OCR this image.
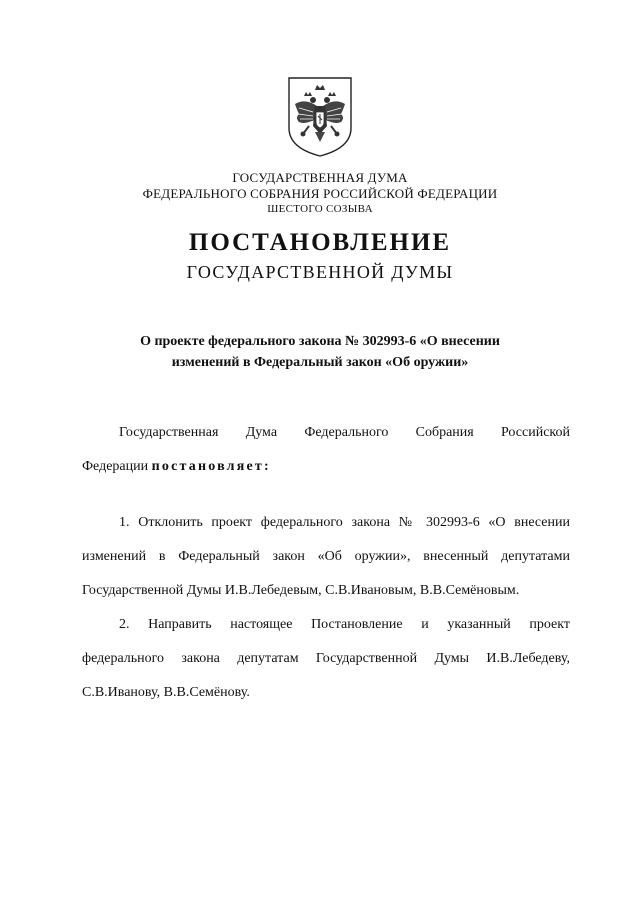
ГОСУДАРСТВЕННАЯ ДУМА
ФЕДЕРАЛЬНОГО СОБРАНИЯ РОССИЙСКОЙ ФЕДЕРАЦИИ
ШЕСТОГО СОЗЫВА
ПОСТАНОВЛЕНИЕ
ГОСУДАРСТВЕННОЙ ДУМЫ
О проекте федерального закона № 302993-6 «О внесении
изменений в Федеральный закон «Об оружии»
Государственная Дума Федерального Собрания Российской
Федерации постановляет:
1. Отклонить проект федерального закона № 302993-6 «О внесении
изменений в Федеральный закон «Об оружии», внесенный депутатами
Государственной Думы И.В.Лебедевым, С.В.Ивановым, В.В.Семёновым.
2. Направить настоящее Постановление и указанный проект
федерального закона депутатам Государственной Думы И.В.Лебедеву,
С.В.Иванову, В.В.Семёнову.
